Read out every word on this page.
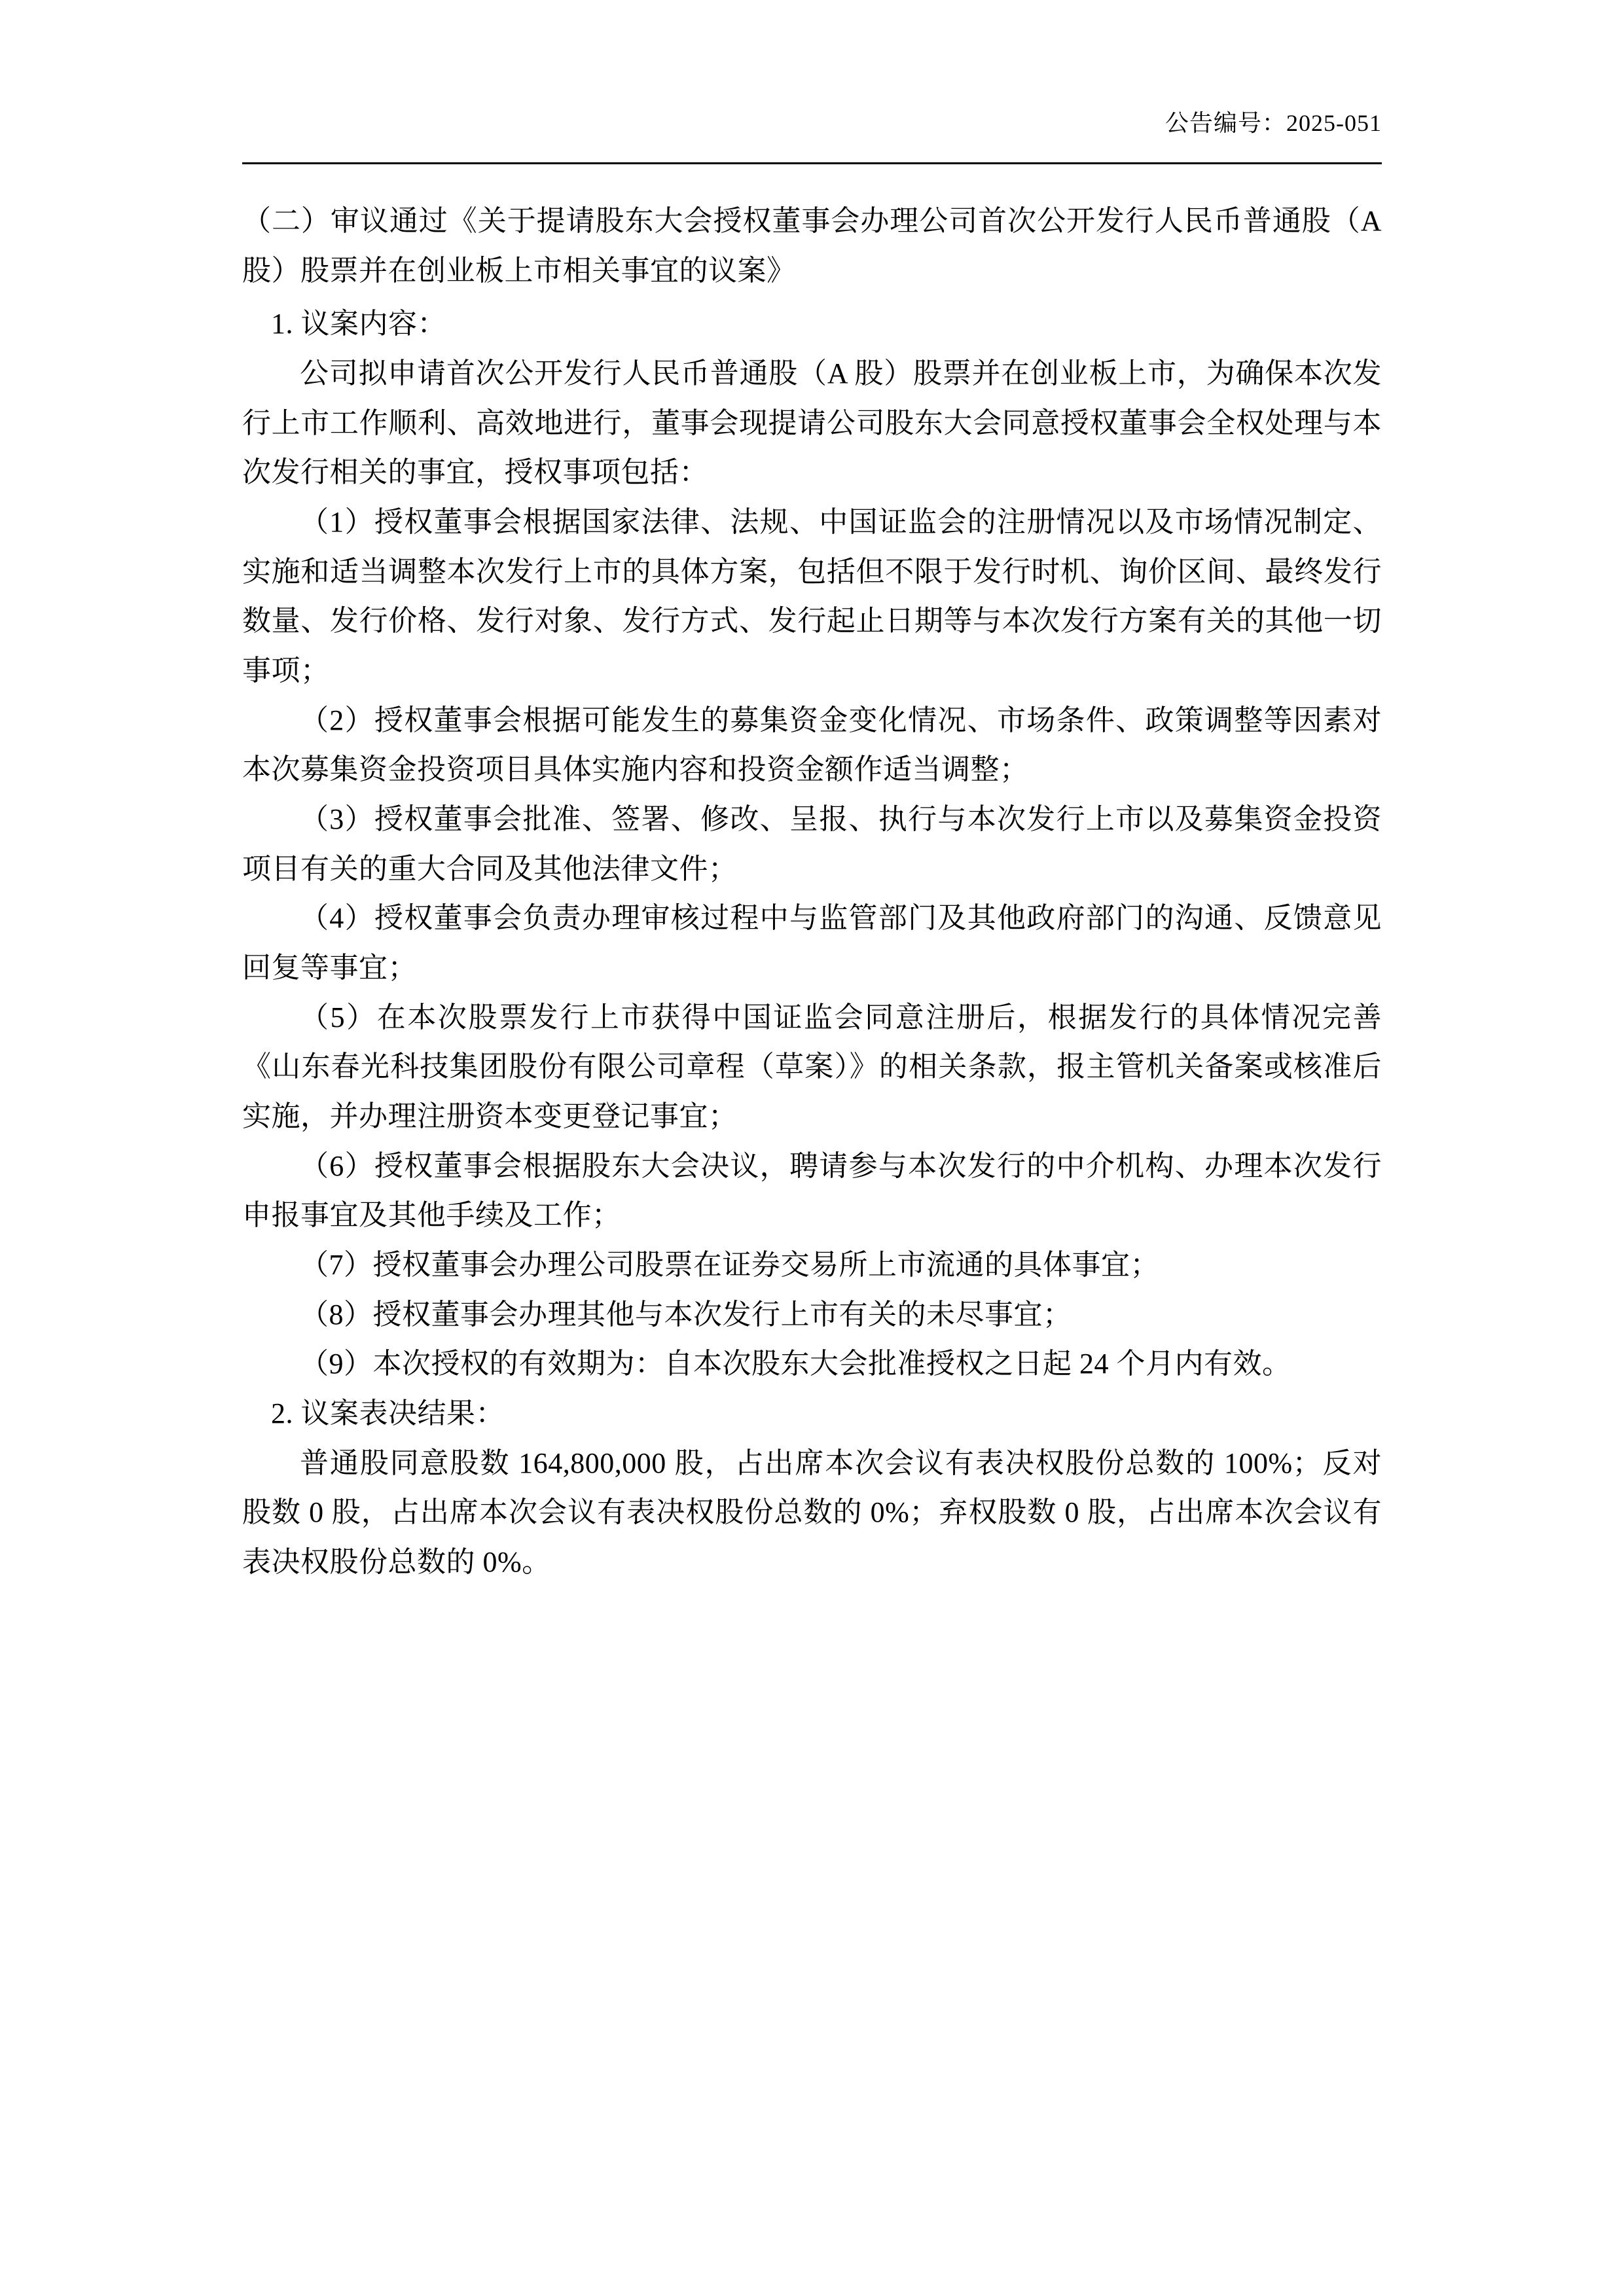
公告编号：2025-051

（二）审议通过《关于提请股东大会授权董事会办理公司首次公开发行人民币普通股（A 股）股票并在创业板上市相关事宜的议案》

1. 议案内容：

公司拟申请首次公开发行人民币普通股（A 股）股票并在创业板上市，为确保本次发行上市工作顺利、高效地进行，董事会现提请公司股东大会同意授权董事会全权处理与本次发行相关的事宜，授权事项包括：

（1）授权董事会根据国家法律、法规、中国证监会的注册情况以及市场情况制定、实施和适当调整本次发行上市的具体方案，包括但不限于发行时机、询价区间、最终发行数量、发行价格、发行对象、发行方式、发行起止日期等与本次发行方案有关的其他一切事项；

（2）授权董事会根据可能发生的募集资金变化情况、市场条件、政策调整等因素对本次募集资金投资项目具体实施内容和投资金额作适当调整；

（3）授权董事会批准、签署、修改、呈报、执行与本次发行上市以及募集资金投资项目有关的重大合同及其他法律文件；

（4）授权董事会负责办理审核过程中与监管部门及其他政府部门的沟通、反馈意见回复等事宜；

（5）在本次股票发行上市获得中国证监会同意注册后，根据发行的具体情况完善《山东春光科技集团股份有限公司章程（草案）》的相关条款，报主管机关备案或核准后实施，并办理注册资本变更登记事宜；

（6）授权董事会根据股东大会决议，聘请参与本次发行的中介机构、办理本次发行申报事宜及其他手续及工作；

（7）授权董事会办理公司股票在证券交易所上市流通的具体事宜；

（8）授权董事会办理其他与本次发行上市有关的未尽事宜；

（9）本次授权的有效期为：自本次股东大会批准授权之日起 24 个月内有效。

2. 议案表决结果：

普通股同意股数 164,800,000 股，占出席本次会议有表决权股份总数的 100%；反对股数 0 股，占出席本次会议有表决权股份总数的 0%；弃权股数 0 股，占出席本次会议有表决权股份总数的 0%。
